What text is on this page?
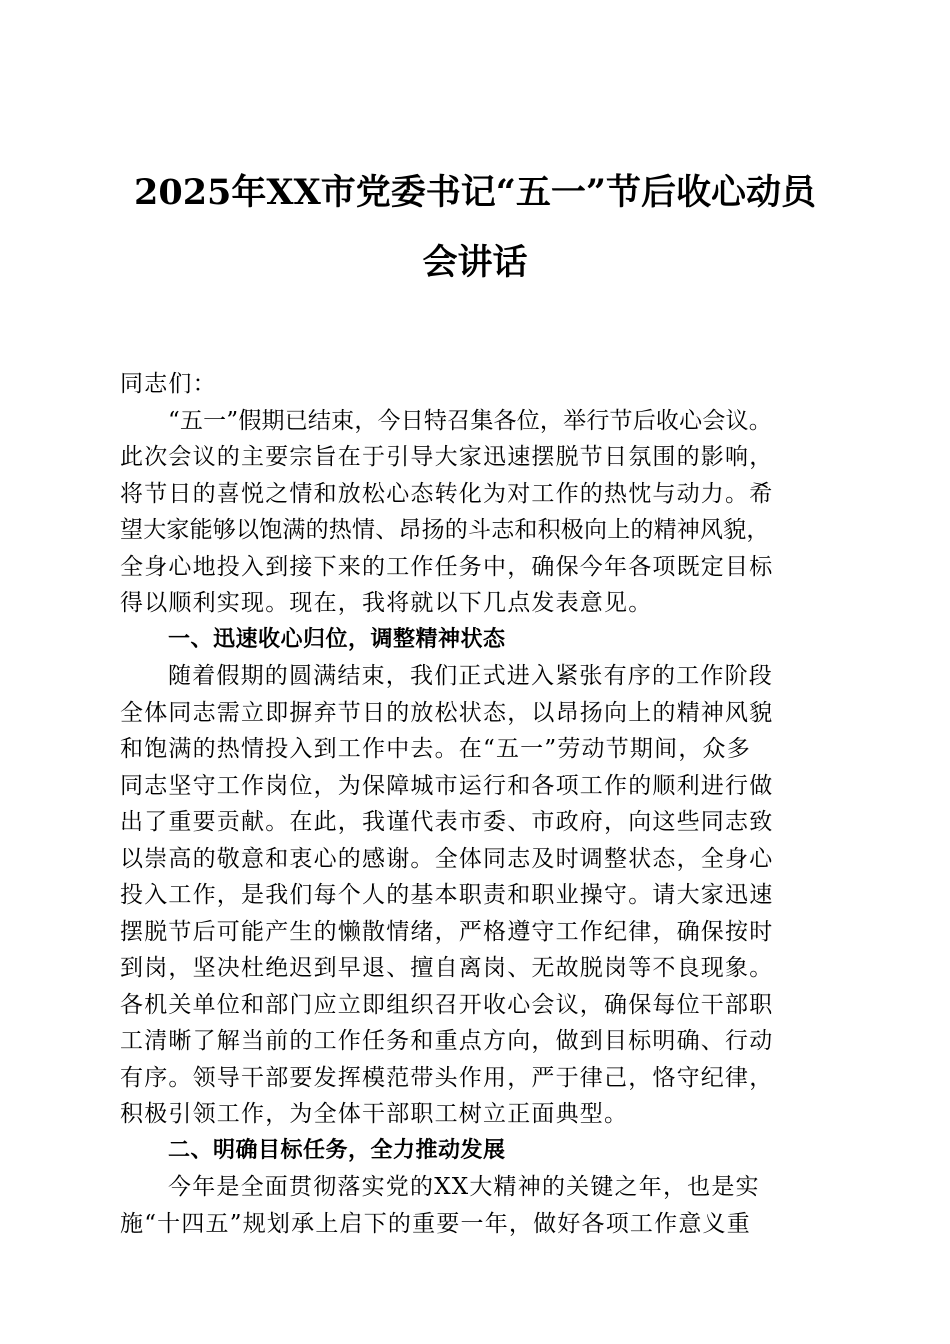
2025年XX市党委书记“五一”节后收心动员
会讲话
同志们：
“五一”假期已结束，今日特召集各位，举行节后收心会议。
此次会议的主要宗旨在于引导大家迅速摆脱节日氛围的影响，
将节日的喜悦之情和放松心态转化为对工作的热忱与动力。希
望大家能够以饱满的热情、昂扬的斗志和积极向上的精神风貌，
全身心地投入到接下来的工作任务中，确保今年各项既定目标
得以顺利实现。现在，我将就以下几点发表意见。
一、迅速收心归位，调整精神状态
随着假期的圆满结束，我们正式进入紧张有序的工作阶段
全体同志需立即摒弃节日的放松状态，以昂扬向上的精神风貌
和饱满的热情投入到工作中去。在“五一”劳动节期间，众多
同志坚守工作岗位，为保障城市运行和各项工作的顺利进行做
出了重要贡献。在此，我谨代表市委、市政府，向这些同志致
以崇高的敬意和衷心的感谢。全体同志及时调整状态，全身心
投入工作，是我们每个人的基本职责和职业操守。请大家迅速
摆脱节后可能产生的懒散情绪，严格遵守工作纪律，确保按时
到岗，坚决杜绝迟到早退、擅自离岗、无故脱岗等不良现象。
各机关单位和部门应立即组织召开收心会议，确保每位干部职
工清晰了解当前的工作任务和重点方向，做到目标明确、行动
有序。领导干部要发挥模范带头作用，严于律己，恪守纪律，
积极引领工作，为全体干部职工树立正面典型。
二、明确目标任务，全力推动发展
今年是全面贯彻落实党的XX大精神的关键之年，也是实
施“十四五”规划承上启下的重要一年，做好各项工作意义重
